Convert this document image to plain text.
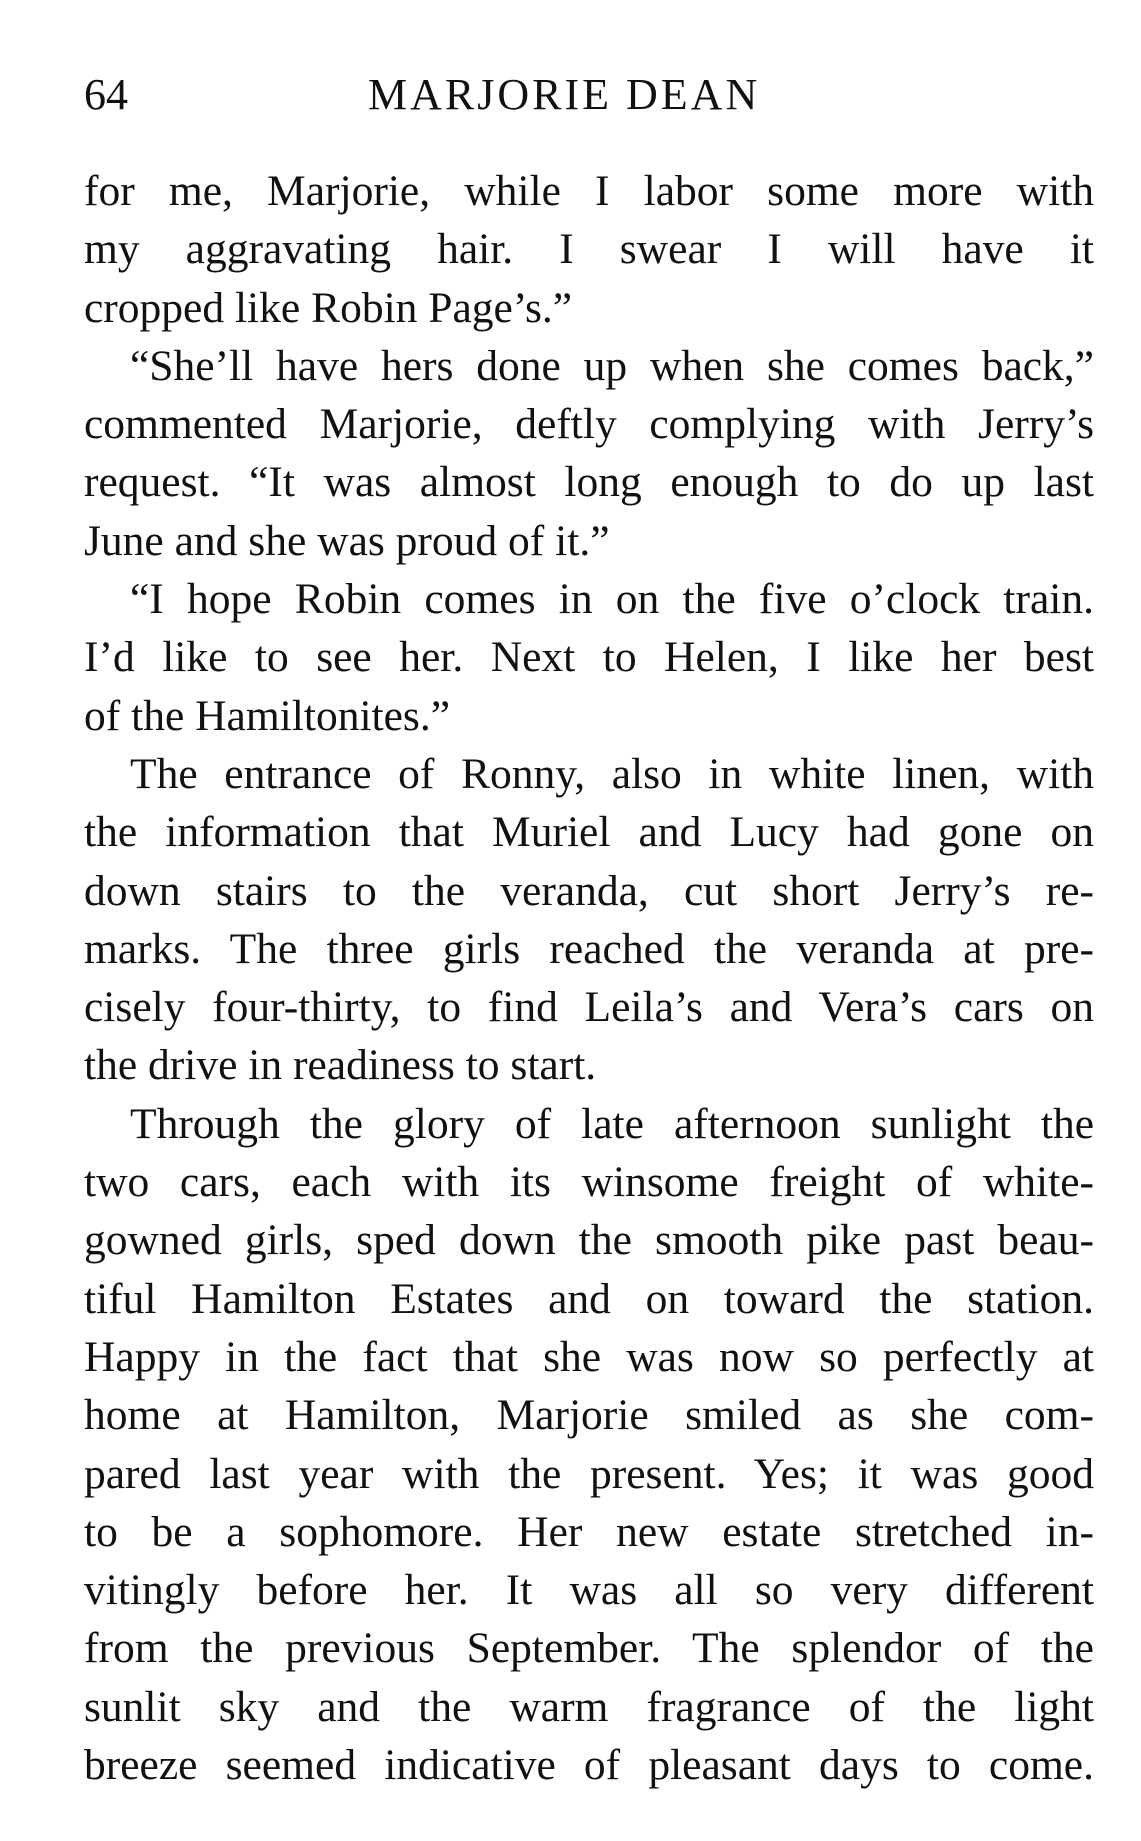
64	MARJORIE DEAN
for me, Marjorie, while I labor some more with
my aggravating hair. I swear I will have it
cropped like Robin Page’s.”
“She’ll have hers done up when she comes back,”
commented Marjorie, deftly complying with Jerry’s
request. “It was almost long enough to do up last
June and she was proud of it.”
“I hope Robin comes in on the five o’clock train.
I’d like to see her. Next to Helen, I like her best
of the Hamiltonites.”
The entrance of Ronny, also in white linen, with
the information that Muriel and Lucy had gone on
down stairs to the veranda, cut short Jerry’s re-
marks. The three girls reached the veranda at pre-
cisely four-thirty, to find Leila’s and Vera’s cars on
the drive in readiness to start.
Through the glory of late afternoon sunlight the
two cars, each with its winsome freight of white-
gowned girls, sped down the smooth pike past beau-
tiful Hamilton Estates and on toward the station.
Happy in the fact that she was now so perfectly at
home at Hamilton, Marjorie smiled as she com-
pared last year with the present. Yes; it was good
to be a sophomore. Her new estate stretched in-
vitingly before her. It was all so very different
from the previous September. The splendor of the
sunlit sky and the warm fragrance of the light
breeze seemed indicative of pleasant days to come.
